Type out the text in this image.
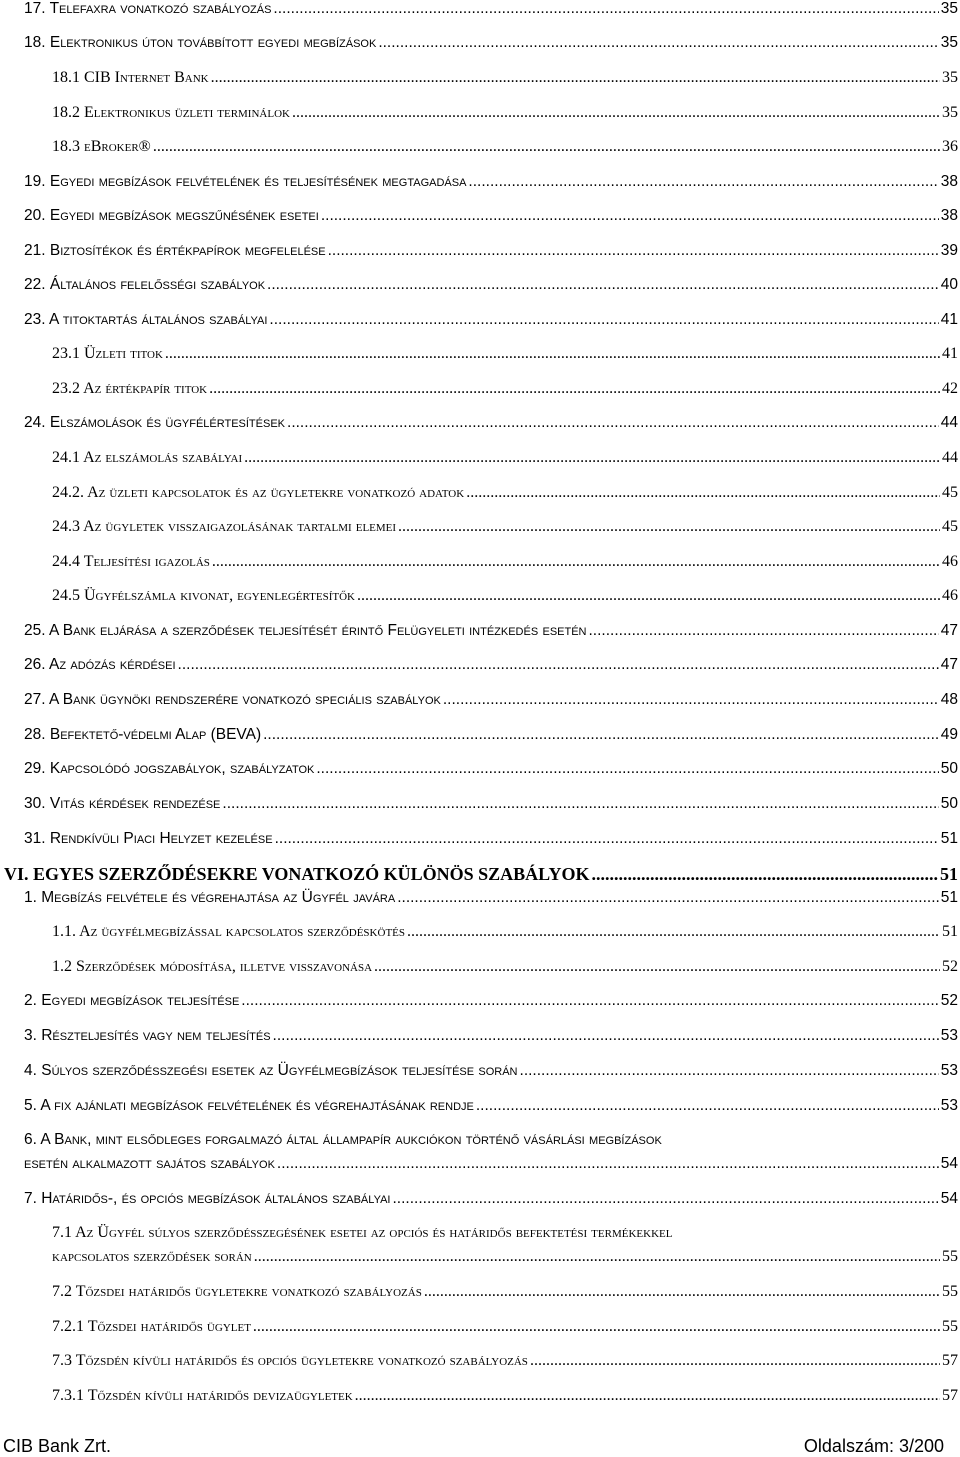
17. Telefaxra vonatkozó szabályozás .....	35
18. Elektronikus úton továbbított egyedi megbízások .....	35
18.1 CIB Internet Bank .....	35
18.2 Elektronikus üzleti terminálok .....	35
18.3 eBroker® .....	36
19. Egyedi megbízások felvételének és teljesítésének megtagadása .....	38
20. Egyedi megbízások megszűnésének esetei .....	38
21. Biztosítékok és értékpapírok megfelelése .....	39
22. Általános felelősségi szabályok .....	40
23. A titoktartás általános szabályai .....	41
23.1 Üzleti titok .....	41
23.2 Az értékpapír titok .....	42
24. Elszámolások és ügyfélértesítések .....	44
24.1 Az elszámolás szabályai .....	44
24.2. Az üzleti kapcsolatok és az ügyletekre vonatkozó adatok .....	45
24.3 Az ügyletek visszaigazolásának tartalmi elemei .....	45
24.4 Teljesítési igazolás .....	46
24.5 Ügyfélszámla kivonat, egyenlegértesítők .....	46
25. A Bank eljárása a szerződések teljesítését érintő Felügyeleti intézkedés esetén .....	47
26. Az adózás kérdései .....	47
27. A Bank ügynöki rendszerére vonatkozó speciális szabályok .....	48
28. Befektető-védelmi Alap (BEVA) .....	49
29. Kapcsolódó jogszabályok, szabályzatok .....	50
30. Vitás kérdések rendezése .....	50
31. Rendkívüli Piaci Helyzet kezelése .....	51
VI. EGYES SZERZŐDÉSEKRE VONATKOZÓ KÜLÖNÖS SZABÁLYOK .....	51
1. Megbízás felvétele és végrehajtása az Ügyfél javára .....	51
1.1. Az ügyfélmegbízással kapcsolatos szerződéskötés .....	51
1.2 Szerződések módosítása, illetve visszavonása .....	52
2. Egyedi megbízások teljesítése .....	52
3. Részteljesítés vagy nem teljesítés .....	53
4. Súlyos szerződésszegési esetek az Ügyfélmegbízások teljesítése során .....	53
5. A fix ajánlati megbízások felvételének és végrehajtásának rendje .....	53
6. A Bank, mint elsődleges forgalmazó által állampapír aukciókon történő vásárlási megbízások
esetén alkalmazott sajátos szabályok .....	54
7. Határidős-, és opciós megbízások általános szabályai .....	54
7.1 Az Ügyfél súlyos szerződésszegésének esetei az opciós és határidős befektetési termékekkel
kapcsolatos szerződések során .....	55
7.2 Tőzsdei határidős ügyletekre vonatkozó szabályozás .....	55
7.2.1 Tőzsdei határidős ügylet .....	55
7.3 Tőzsdén kívüli határidős és opciós ügyletekre vonatkozó szabályozás .....	57
7.3.1 Tőzsdén kívüli határidős devizaügyletek .....	57
CIB Bank Zrt.	Oldalszám: 3/200
